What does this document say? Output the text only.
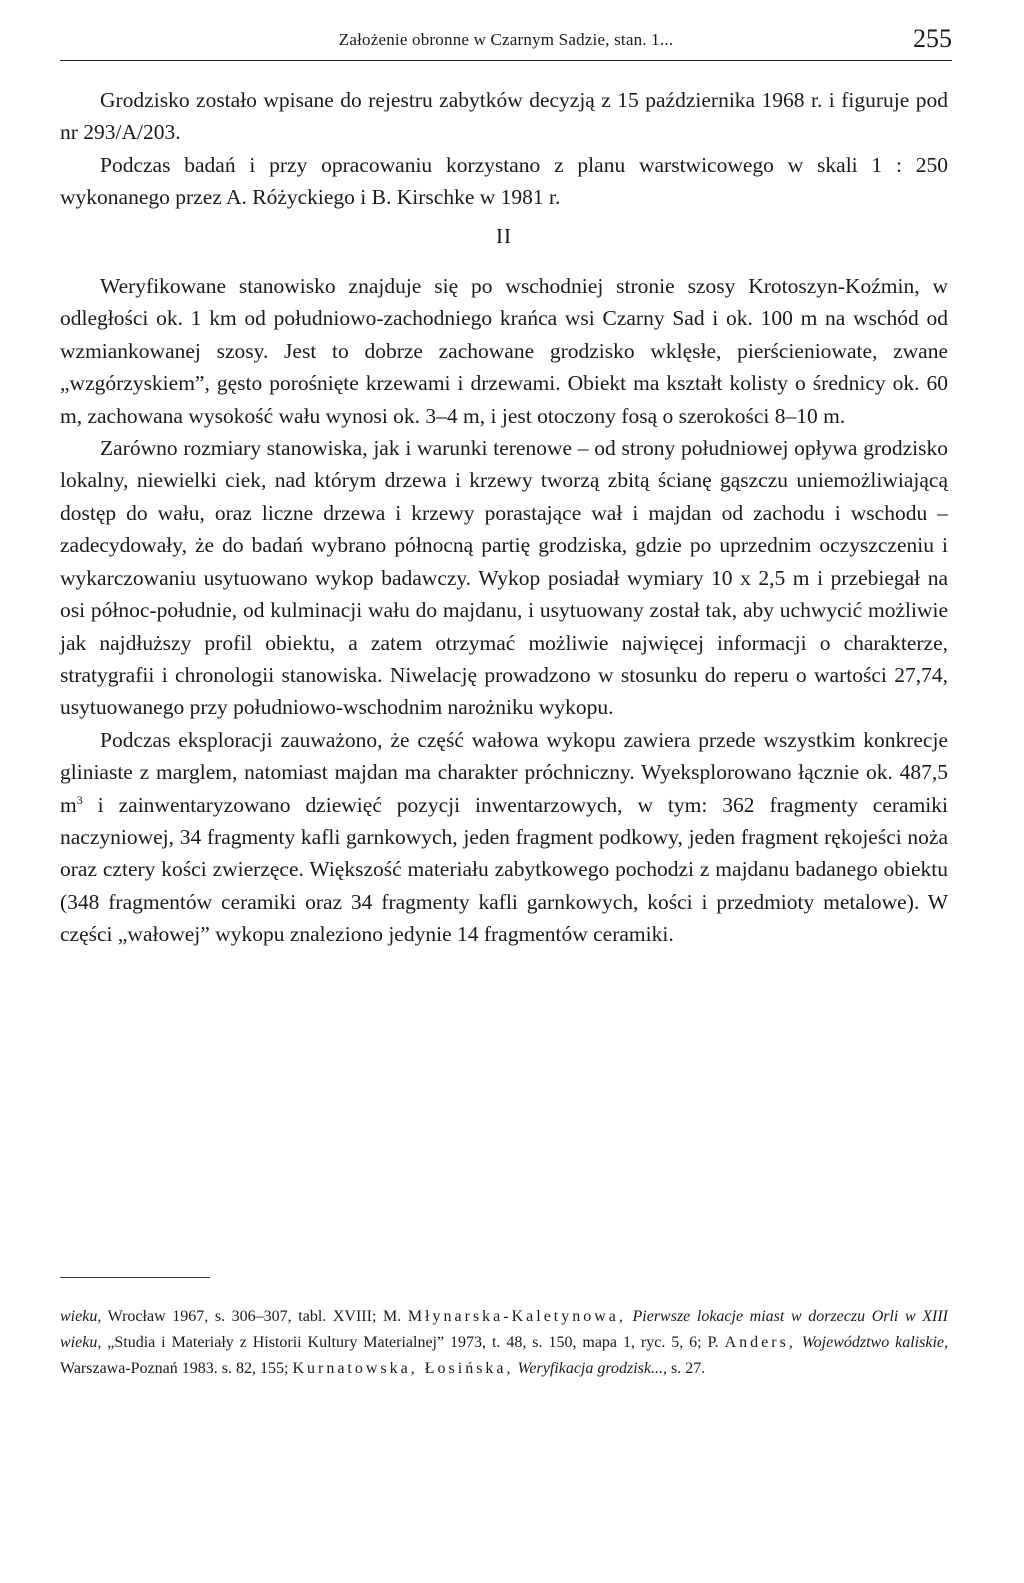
Założenie obronne w Czarnym Sadzie, stan. 1...	255

Grodzisko zostało wpisane do rejestru zabytków decyzją z 15 października 1968 r. i figuruje pod nr 293/A/203.

Podczas badań i przy opracowaniu korzystano z planu warstwicowego w skali 1 : 250 wykonanego przez A. Różyckiego i B. Kirschke w 1981 r.

II

Weryfikowane stanowisko znajduje się po wschodniej stronie szosy Krotoszyn-Koźmin, w odległości ok. 1 km od południowo-zachodniego krańca wsi Czarny Sad i ok. 100 m na wschód od wzmiankowanej szosy. Jest to dobrze zachowane grodzisko wklęsłe, pierścieniowate, zwane „wzgórzyskiem”, gęsto porośnięte krzewami i drzewami. Obiekt ma kształt kolisty o średnicy ok. 60 m, zachowana wysokość wału wynosi ok. 3–4 m, i jest otoczony fosą o szerokości 8–10 m.

Zarówno rozmiary stanowiska, jak i warunki terenowe – od strony południowej opływa grodzisko lokalny, niewielki ciek, nad którym drzewa i krzewy tworzą zbitą ścianę gąszczu uniemożliwiającą dostęp do wału, oraz liczne drzewa i krzewy porastające wał i majdan od zachodu i wschodu – zadecydowały, że do badań wybrano północną partię grodziska, gdzie po uprzednim oczyszczeniu i wykarczowaniu usytuowano wykop badawczy. Wykop posiadał wymiary 10 x 2,5 m i przebiegał na osi północ-południe, od kulminacji wału do majdanu, i usytuowany został tak, aby uchwycić możliwie jak najdłuższy profil obiektu, a zatem otrzymać możliwie najwięcej informacji o charakterze, stratygrafii i chronologii stanowiska. Niwelację prowadzono w stosunku do reperu o wartości 27,74, usytuowanego przy południowo-wschodnim narożniku wykopu.

Podczas eksploracji zauważono, że część wałowa wykopu zawiera przede wszystkim konkrecje gliniaste z marglem, natomiast majdan ma charakter próchniczny. Wyeksplorowano łącznie ok. 487,5 $m^3$ i zainwentaryzowano dziewięć pozycji inwentarzowych, w tym: 362 fragmenty ceramiki naczyniowej, 34 fragmenty kafli garnkowych, jeden fragment podkowy, jeden fragment rękojeści noża oraz cztery kości zwierzęce. Większość materiału zabytkowego pochodzi z majdanu badanego obiektu (348 fragmentów ceramiki oraz 34 fragmenty kafli garnkowych, kości i przedmioty metalowe). W części „wałowej” wykopu znaleziono jedynie 14 fragmentów ceramiki.

wieku, Wrocław 1967, s. 306–307, tabl. XVIII; M. Młynarska-Kaletynowa, Pierwsze lokacje miast w dorzeczu Orli w XIII wieku, „Studia i Materiały z Historii Kultury Materialnej” 1973, t. 48, s. 150, mapa 1, ryc. 5, 6; P. Anders, Województwo kaliskie, Warszawa-Poznań 1983. s. 82, 155; Kurnatowska, Łosińska, Weryfikacja grodzisk..., s. 27.
